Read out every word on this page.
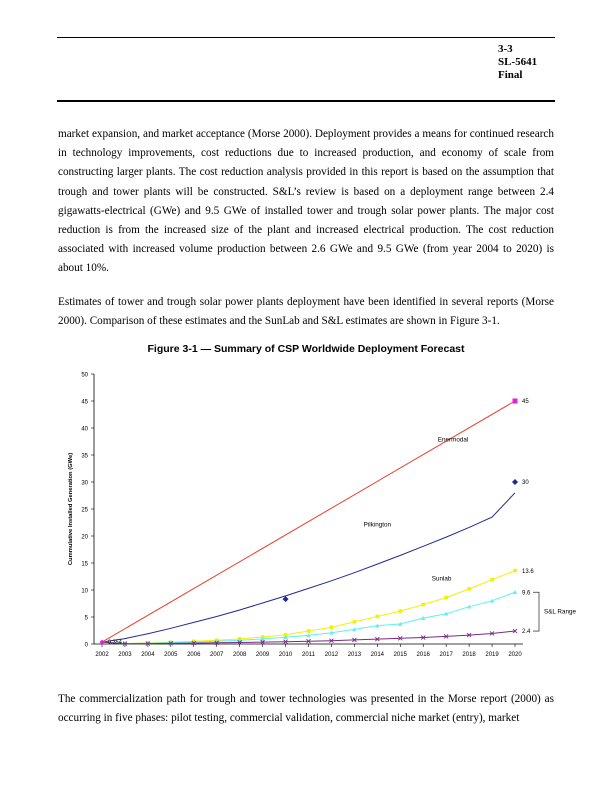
3-3
SL-5641
Final

market expansion, and market acceptance (Morse 2000). Deployment provides a means for continued research in technology improvements, cost reductions due to increased production, and economy of scale from constructing larger plants. The cost reduction analysis provided in this report is based on the assumption that trough and tower plants will be constructed. S&L’s review is based on a deployment range between 2.4 gigawatts-electrical (GWe) and 9.5 GWe of installed tower and trough solar power plants. The major cost reduction is from the increased size of the plant and increased electrical production. The cost reduction associated with increased volume production between 2.6 GWe and 9.5 GWe (from year 2004 to 2020) is about 10%.

Estimates of tower and trough solar power plants deployment have been identified in several reports (Morse 2000). Comparison of these estimates and the SunLab and S&L estimates are shown in Figure 3-1.

Figure 3-1 — Summary of CSP Worldwide Deployment Forecast
0
5
10
15
20
25
30
35
40
45
50
2002 2003 2004 2005 2006 2007 2008 2009 2010 2011 2012 2013 2014 2015 2016 2017 2018 2019 2020
Cummulative Installed Generation (GWe)
45
30
13.6
9.6
2.4
Enermodal
Pilkington
Sunlab
0.354
S&L Range

The commercialization path for trough and tower technologies was presented in the Morse report (2000) as occurring in five phases: pilot testing, commercial validation, commercial niche market (entry), market
